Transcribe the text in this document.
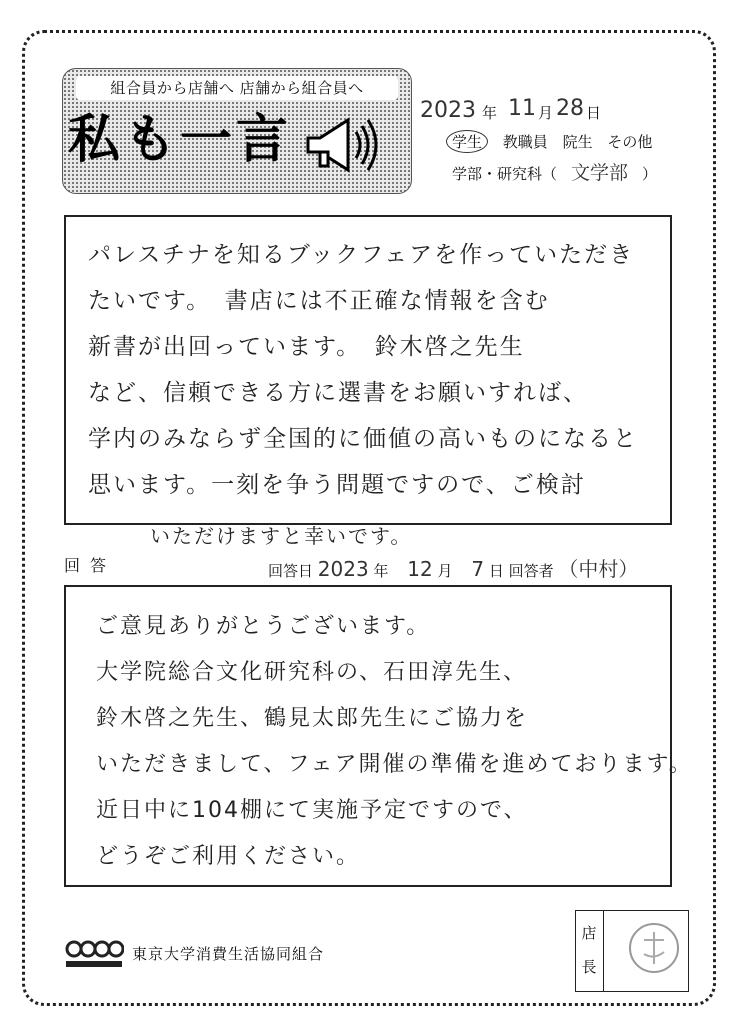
組合員から店舗へ 店舗から組合員へ
私も一言	2023 年 11 月 28 日
学生 教職員 院生 その他
学部・研究科（ 文学部 ）
パレスチナを知るブックフェアを作っていただき
たいです。　書店には不正確な情報を含む
新書が出回っています。　鈴木啓之先生
など、信頼できる方に選書をお願いすれば、
学内のみならず全国的に価値の高いものになると
思います。一刻を争う問題ですので、ご検討
いただけますと幸いです。
回答	回答日 2023 年 12 月 7 日 回答者 （中村）
ご意見ありがとうございます。
大学院総合文化研究科の、石田淳先生、
鈴木啓之先生、鶴見太郎先生にご協力を
いただきまして、フェア開催の準備を進めております。
近日中に104棚にて実施予定ですので、
どうぞご利用ください。
東京大学消費生活協同組合
店長
